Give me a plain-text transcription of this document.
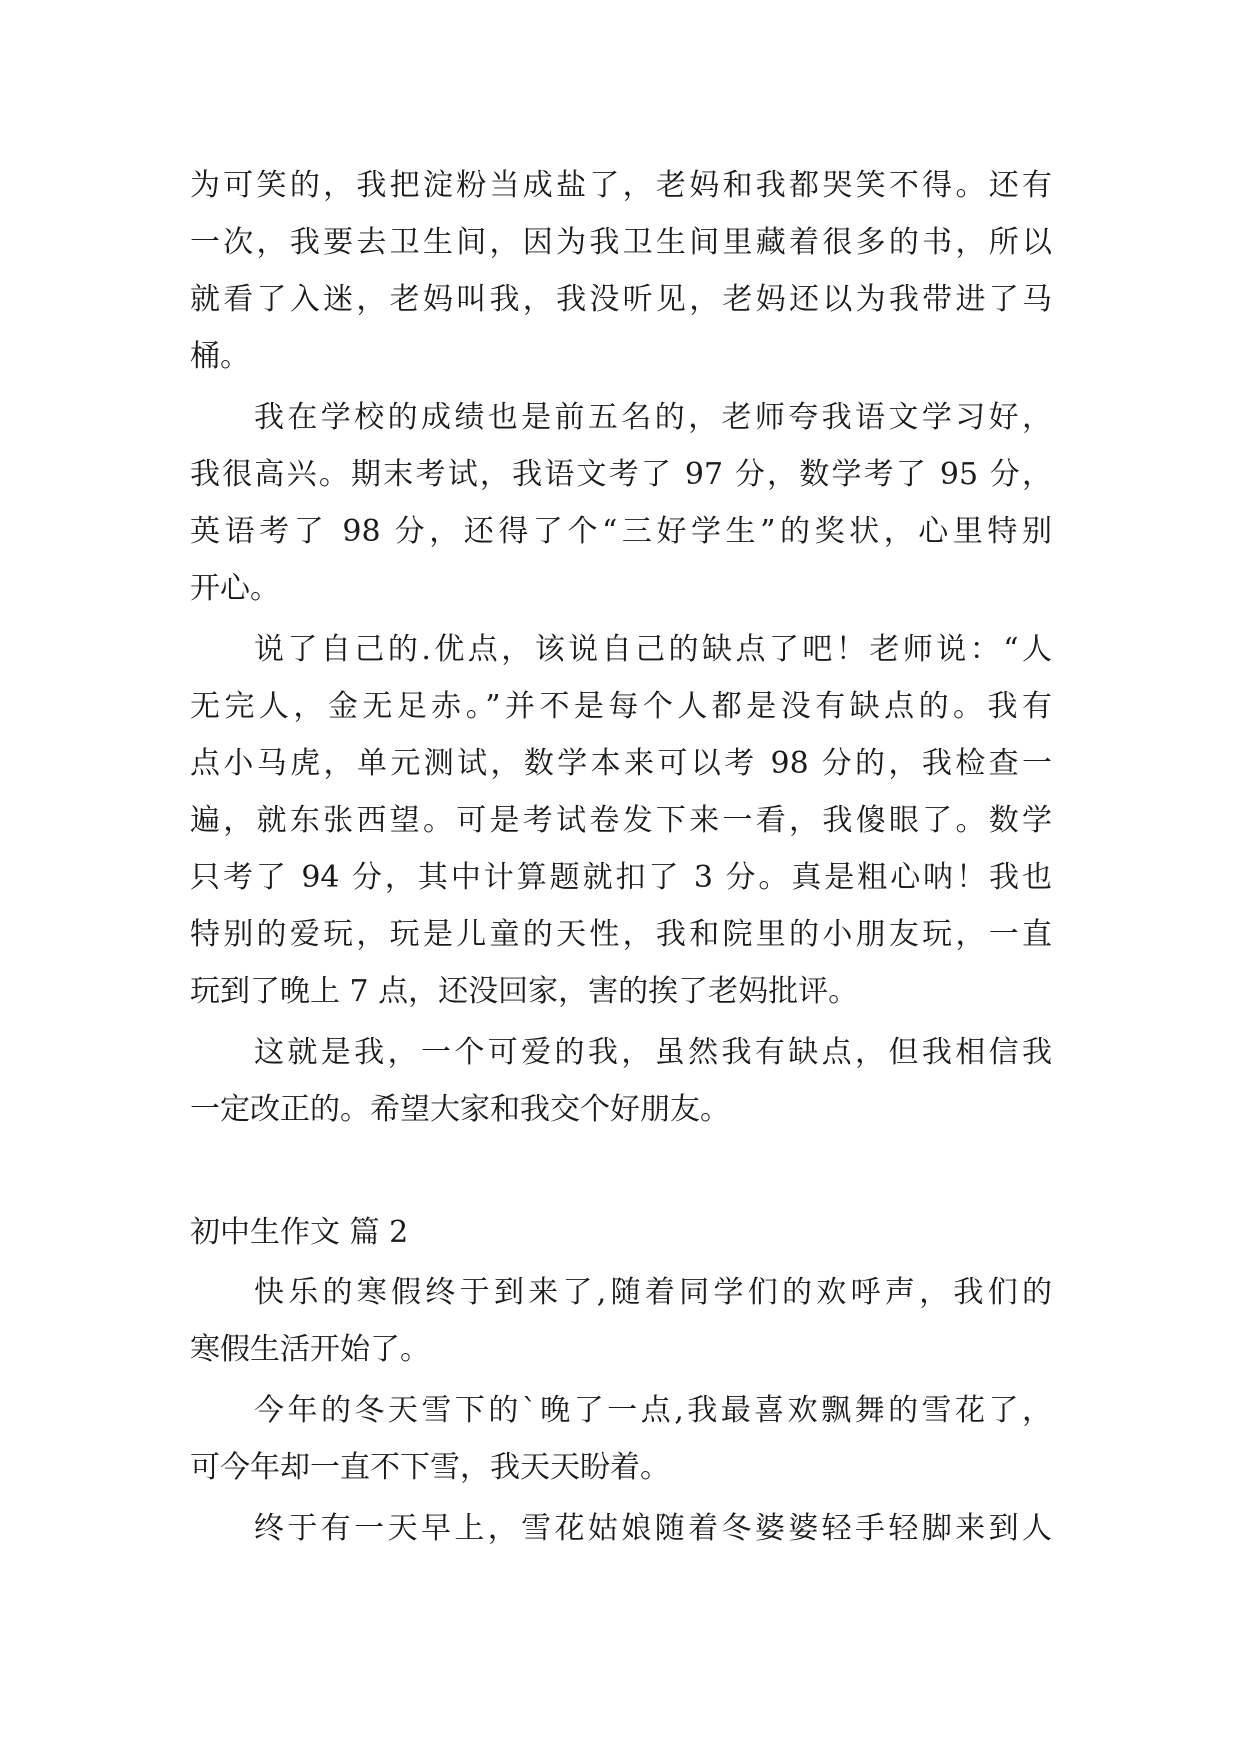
为可笑的，我把淀粉当成盐了，老妈和我都哭笑不得。还有

一次，我要去卫生间，因为我卫生间里藏着很多的书，所以

就看了入迷，老妈叫我，我没听见，老妈还以为我带进了马

桶。

我在学校的成绩也是前五名的，老师夸我语文学习好，

我很高兴。期末考试，我语文考了 97 分，数学考了 95 分，

英语考了 98 分，还得了个“三好学生”的奖状，心里特别

开心。

说了自己的.优点，该说自己的缺点了吧！老师说：“人

无完人，金无足赤。”并不是每个人都是没有缺点的。我有

点小马虎，单元测试，数学本来可以考 98 分的，我检查一

遍，就东张西望。可是考试卷发下来一看，我傻眼了。数学

只考了 94 分，其中计算题就扣了 3 分。真是粗心呐！我也

特别的爱玩，玩是儿童的天性，我和院里的小朋友玩，一直

玩到了晚上 7 点，还没回家，害的挨了老妈批评。

这就是我，一个可爱的我，虽然我有缺点，但我相信我

一定改正的。希望大家和我交个好朋友。

初中生作文 篇 2

快乐的寒假终于到来了,随着同学们的欢呼声，我们的

寒假生活开始了。

今年的冬天雪下的`晚了一点,我最喜欢飘舞的雪花了，

可今年却一直不下雪，我天天盼着。

终于有一天早上，雪花姑娘随着冬婆婆轻手轻脚来到人
